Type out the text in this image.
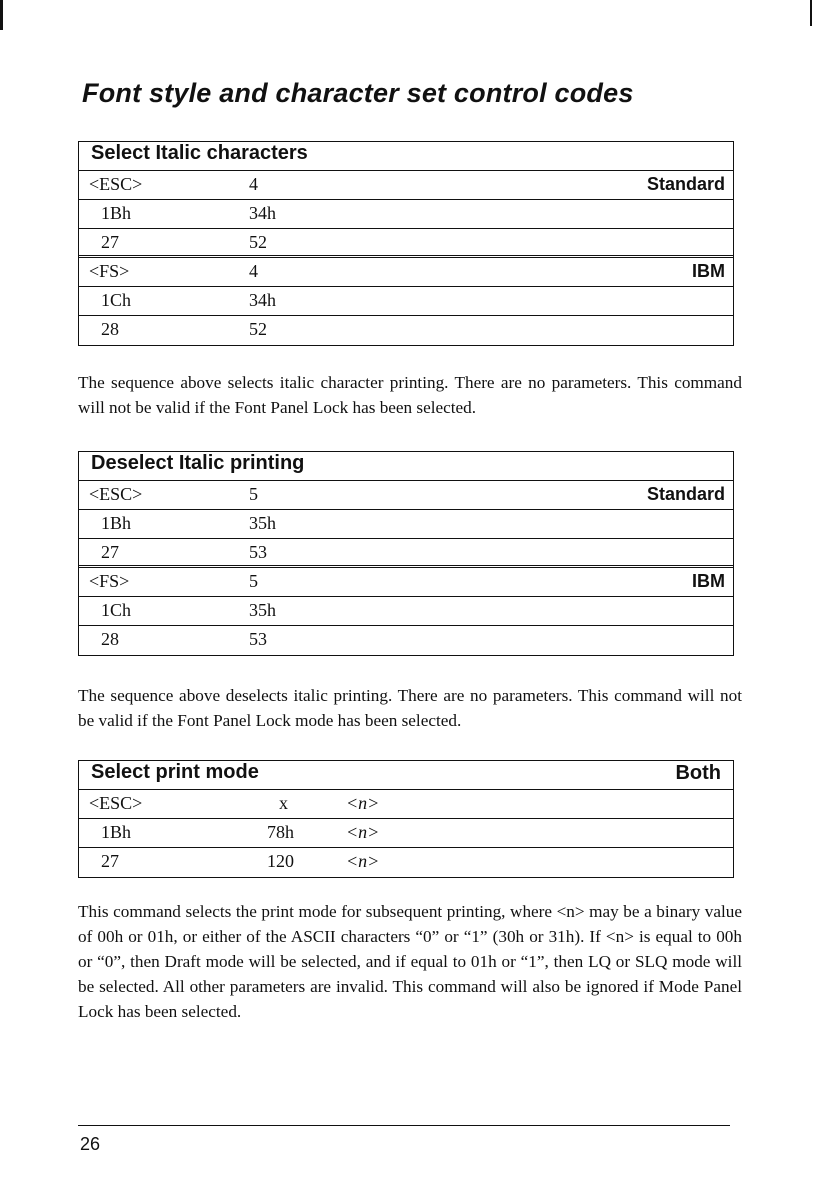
Font style and character set control codes
Select Italic characters
<ESC>	4	Standard
1Bh	34h
27	52
<FS>	4	IBM
1Ch	34h
28	52

The sequence above selects italic character printing. There are no parameters. This command will not be valid if the Font Panel Lock has been selected.

Deselect Italic printing
<ESC>	5	Standard
1Bh	35h
27	53
<FS>	5	IBM
1Ch	35h
28	53

The sequence above deselects italic printing. There are no parameters. This command will not be valid if the Font Panel Lock mode has been selected.

Select print mode	Both
<ESC>	x	<n>
1Bh	78h	<n>
27	120	<n>

This command selects the print mode for subsequent printing, where <n> may be a binary value of 00h or 01h, or either of the ASCII characters “0” or “1” (30h or 31h). If <n> is equal to 00h or “0”, then Draft mode will be selected, and if equal to 01h or “1”, then LQ or SLQ mode will be selected. All other parameters are invalid. This command will also be ignored if Mode Panel Lock has been selected.

26
